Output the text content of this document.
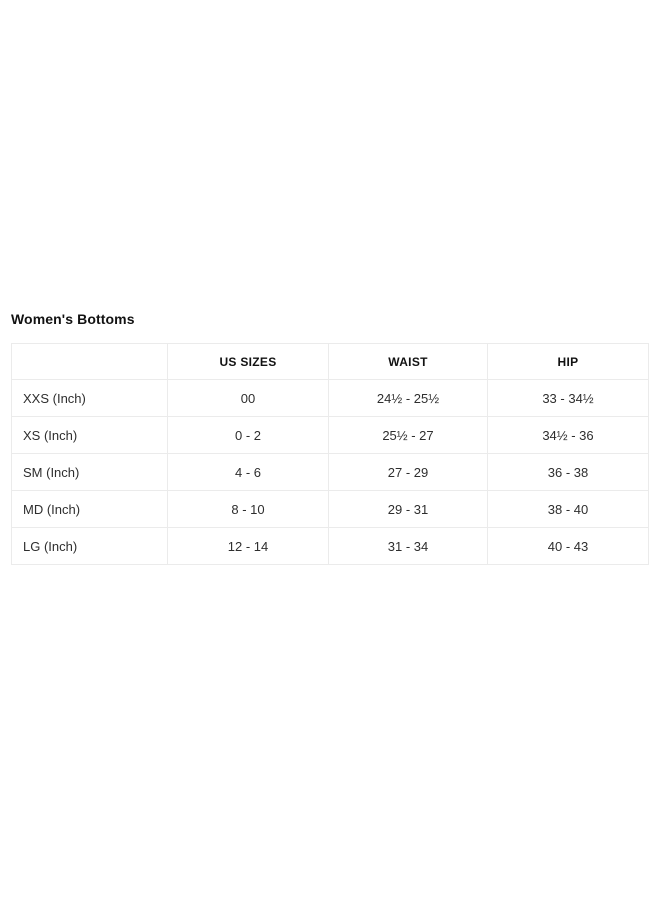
Women's Bottoms
	US SIZES	WAIST	HIP
XXS (Inch)	00	24½ - 25½	33 - 34½
XS (Inch)	0 - 2	25½ - 27	34½ - 36
SM (Inch)	4 - 6	27 - 29	36 - 38
MD (Inch)	8 - 10	29 - 31	38 - 40
LG (Inch)	12 - 14	31 - 34	40 - 43
